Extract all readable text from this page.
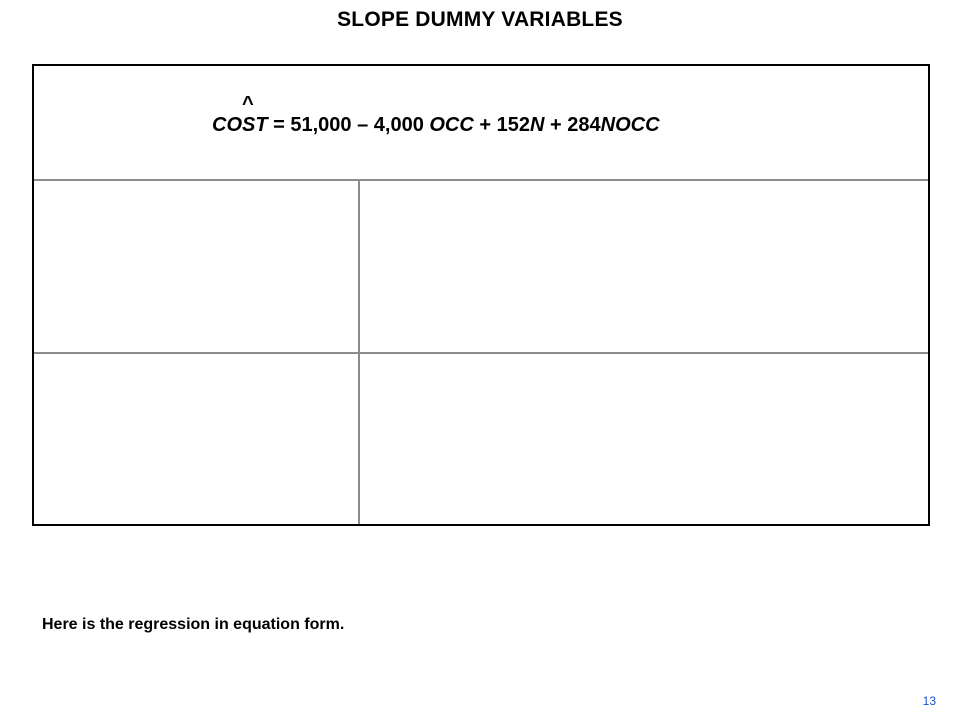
SLOPE DUMMY VARIABLES
^
COST = 51,000 – 4,000 OCC + 152N + 284NOCC
Here is the regression in equation form.
13
